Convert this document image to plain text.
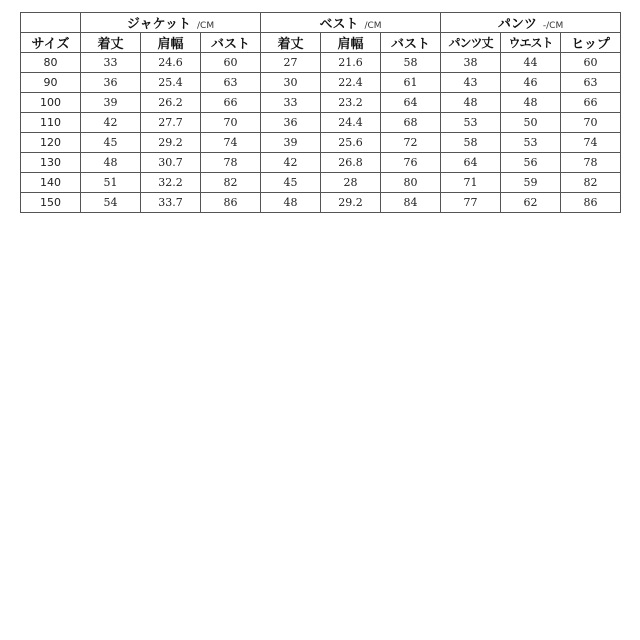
	ジャケット /CM			ベスト /CM			パンツ -/CM		
サイズ	着丈	肩幅	バスト	着丈	肩幅	バスト	パンツ丈	ウエスト	ヒップ
80	33	24.6	60	27	21.6	58	38	44	60
90	36	25.4	63	30	22.4	61	43	46	63
100	39	26.2	66	33	23.2	64	48	48	66
110	42	27.7	70	36	24.4	68	53	50	70
120	45	29.2	74	39	25.6	72	58	53	74
130	48	30.7	78	42	26.8	76	64	56	78
140	51	32.2	82	45	28	80	71	59	82
150	54	33.7	86	48	29.2	84	77	62	86
